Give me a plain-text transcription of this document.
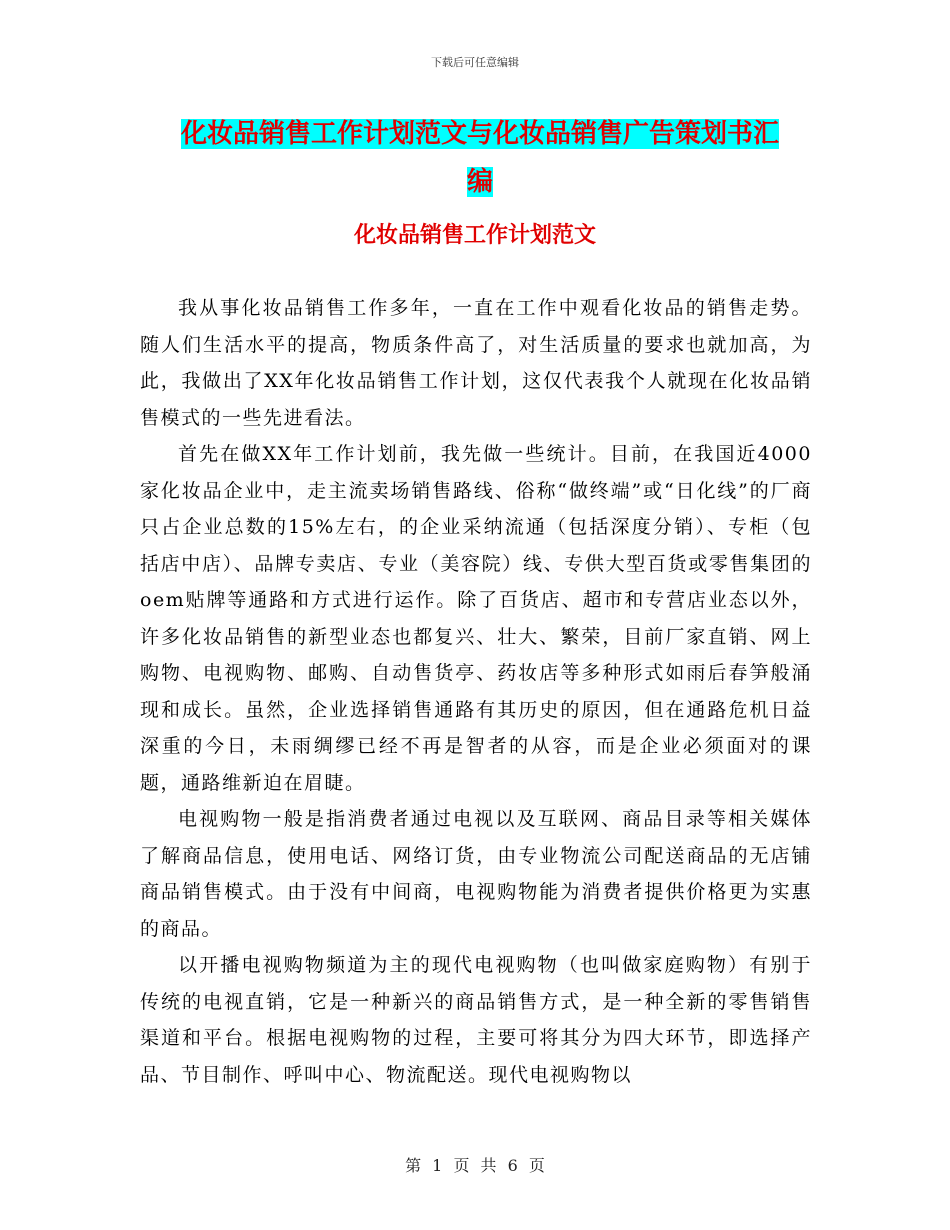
下载后可任意编辑
化妆品销售工作计划范文与化妆品销售广告策划书汇
编
化妆品销售工作计划范文

我从事化妆品销售工作多年，一直在工作中观看化妆品的销售走势。随人们生活水平的提高，物质条件高了，对生活质量的要求也就加高，为此，我做出了XX年化妆品销售工作计划，这仅代表我个人就现在化妆品销售模式的一些先进看法。

首先在做XX年工作计划前，我先做一些统计。目前，在我国近4000家化妆品企业中，走主流卖场销售路线、俗称“做终端”或“日化线”的厂商只占企业总数的15%左右，的企业采纳流通（包括深度分销）、专柜（包括店中店）、品牌专卖店、专业（美容院）线、专供大型百货或零售集团的oem贴牌等通路和方式进行运作。除了百货店、超市和专营店业态以外，许多化妆品销售的新型业态也都复兴、壮大、繁荣，目前厂家直销、网上购物、电视购物、邮购、自动售货亭、药妆店等多种形式如雨后春笋般涌现和成长。虽然，企业选择销售通路有其历史的原因，但在通路危机日益深重的今日，未雨绸缪已经不再是智者的从容，而是企业必须面对的课题，通路维新迫在眉睫。

电视购物一般是指消费者通过电视以及互联网、商品目录等相关媒体了解商品信息，使用电话、网络订货，由专业物流公司配送商品的无店铺商品销售模式。由于没有中间商，电视购物能为消费者提供价格更为实惠的商品。

以开播电视购物频道为主的现代电视购物（也叫做家庭购物）有别于传统的电视直销，它是一种新兴的商品销售方式，是一种全新的零售销售渠道和平台。根据电视购物的过程，主要可将其分为四大环节，即选择产品、节目制作、呼叫中心、物流配送。现代电视购物以

第 1 页 共 6 页
